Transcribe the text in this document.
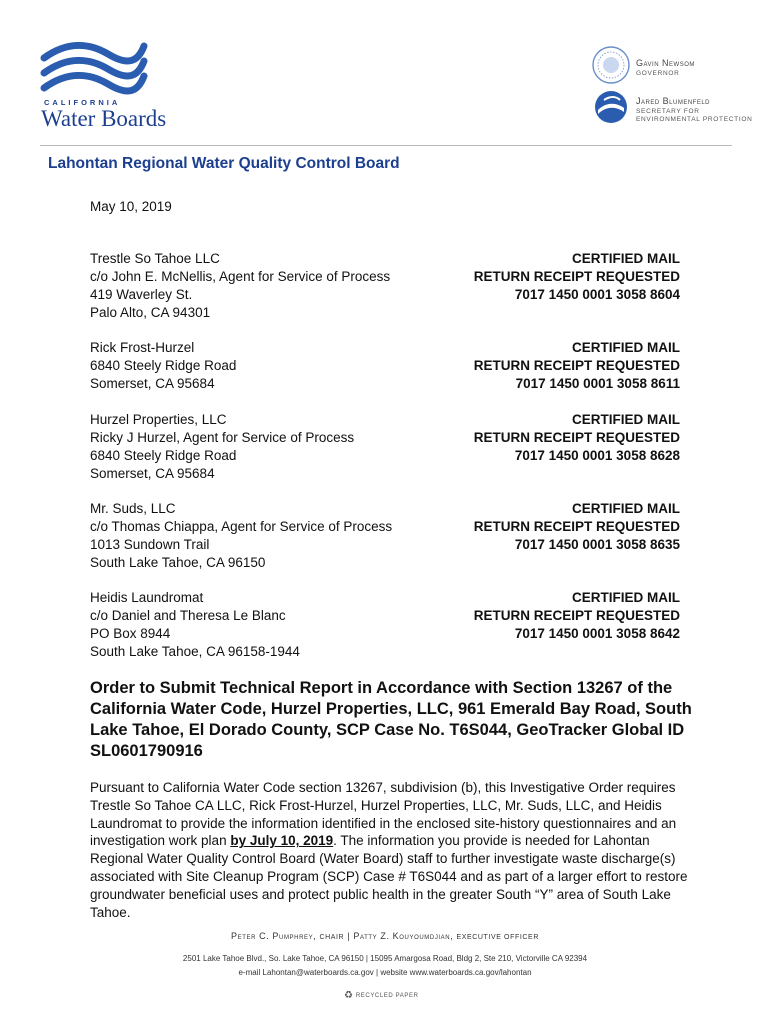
CALIFORNIA
Water Boards
Gavin Newsom
GOVERNOR
Jared Blumenfeld
SECRETARY FOR
ENVIRONMENTAL PROTECTION
Lahontan Regional Water Quality Control Board
May 10, 2019
Trestle So Tahoe LLC
c/o John E. McNellis, Agent for Service of Process
419 Waverley St.
Palo Alto, CA 94301
CERTIFIED MAIL
RETURN RECEIPT REQUESTED
7017 1450 0001 3058 8604
Rick Frost-Hurzel
6840 Steely Ridge Road
Somerset, CA 95684
CERTIFIED MAIL
RETURN RECEIPT REQUESTED
7017 1450 0001 3058 8611
Hurzel Properties, LLC
Ricky J Hurzel, Agent for Service of Process
6840 Steely Ridge Road
Somerset, CA 95684
CERTIFIED MAIL
RETURN RECEIPT REQUESTED
7017 1450 0001 3058 8628
Mr. Suds, LLC
c/o Thomas Chiappa, Agent for Service of Process
1013 Sundown Trail
South Lake Tahoe, CA 96150
CERTIFIED MAIL
RETURN RECEIPT REQUESTED
7017 1450 0001 3058 8635
Heidis Laundromat
c/o Daniel and Theresa Le Blanc
PO Box 8944
South Lake Tahoe, CA 96158-1944
CERTIFIED MAIL
RETURN RECEIPT REQUESTED
7017 1450 0001 3058 8642
Order to Submit Technical Report in Accordance with Section 13267 of the California Water Code, Hurzel Properties, LLC, 961 Emerald Bay Road, South Lake Tahoe, El Dorado County, SCP Case No. T6S044, GeoTracker Global ID SL0601790916
Pursuant to California Water Code section 13267, subdivision (b), this Investigative Order requires Trestle So Tahoe CA LLC, Rick Frost-Hurzel, Hurzel Properties, LLC, Mr. Suds, LLC, and Heidis Laundromat to provide the information identified in the enclosed site-history questionnaires and an investigation work plan by July 10, 2019. The information you provide is needed for Lahontan Regional Water Quality Control Board (Water Board) staff to further investigate waste discharge(s) associated with Site Cleanup Program (SCP) Case # T6S044 and as part of a larger effort to restore groundwater beneficial uses and protect public health in the greater South “Y” area of South Lake Tahoe.
Peter C. Pumphrey, CHAIR | Patty Z. Kouyoumdjian, EXECUTIVE OFFICER
2501 Lake Tahoe Blvd., So. Lake Tahoe, CA 96150 | 15095 Amargosa Road, Bldg 2, Ste 210, Victorville CA 92394
e-mail Lahontan@waterboards.ca.gov | website www.waterboards.ca.gov/lahontan
♻ RECYCLED PAPER
